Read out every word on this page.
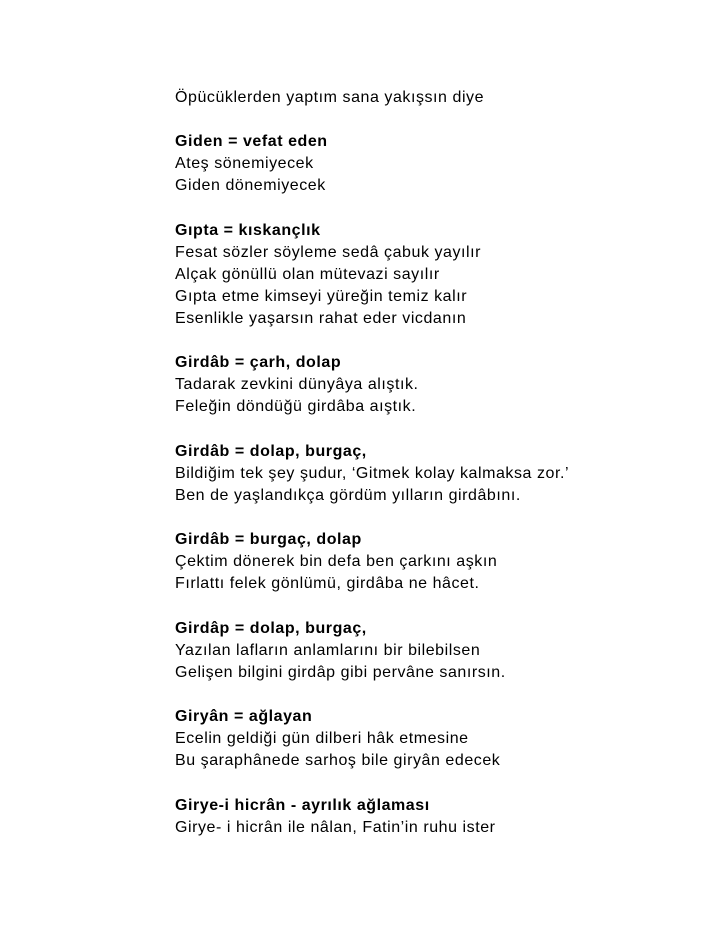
Öpücüklerden yaptım sana yakışsın diye

Giden = vefat eden

Ateş sönemiyecek

Giden dönemiyecek

Gıpta = kıskançlık

Fesat sözler söyleme sedâ çabuk yayılır

Alçak gönüllü olan mütevazi sayılır

Gıpta etme kimseyi yüreğin temiz kalır

Esenlikle yaşarsın rahat eder vicdanın

Girdâb = çarh, dolap

Tadarak zevkini dünyâya alıştık.

Feleğin döndüğü girdâba aıştık.

Girdâb = dolap, burgaç,

Bildiğim tek şey şudur, ‘Gitmek kolay kalmaksa zor.’

Ben de yaşlandıkça gördüm yılların girdâbını.

Girdâb = burgaç, dolap

Çektim dönerek bin defa ben çarkını aşkın

Fırlattı felek gönlümü, girdâba ne hâcet.

Girdâp = dolap, burgaç,

Yazılan lafların anlamlarını bir bilebilsen

Gelişen bilgini girdâp gibi pervâne sanırsın.

Giryân = ağlayan

Ecelin geldiği gün dilberi hâk etmesine

Bu şaraphânede sarhoş bile giryân edecek

Girye-i hicrân - ayrılık ağlaması

Girye- i hicrân ile nâlan, Fatin’in ruhu ister
